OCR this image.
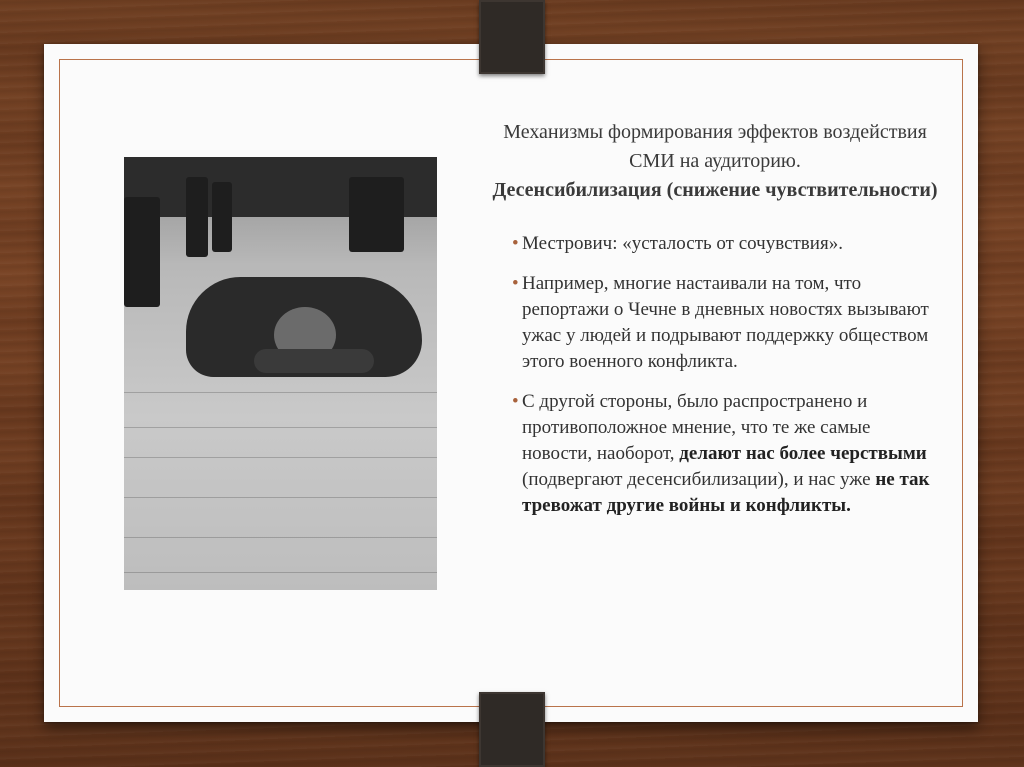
Механизмы формирования эффектов воздействия СМИ на аудиторию.
Десенсибилизация (снижение чувствительности)

• Местрович: «усталость от сочувствия».
• Например, многие настаивали на том, что репортажи о Чечне в дневных новостях вызывают ужас у людей и подрывают поддержку обществом этого военного конфликта.
• С другой стороны, было распространено и противоположное мнение, что те же самые новости, наоборот, делают нас более черствыми (подвергают десенсибилизации), и нас уже не так тревожат другие войны и конфликты.
